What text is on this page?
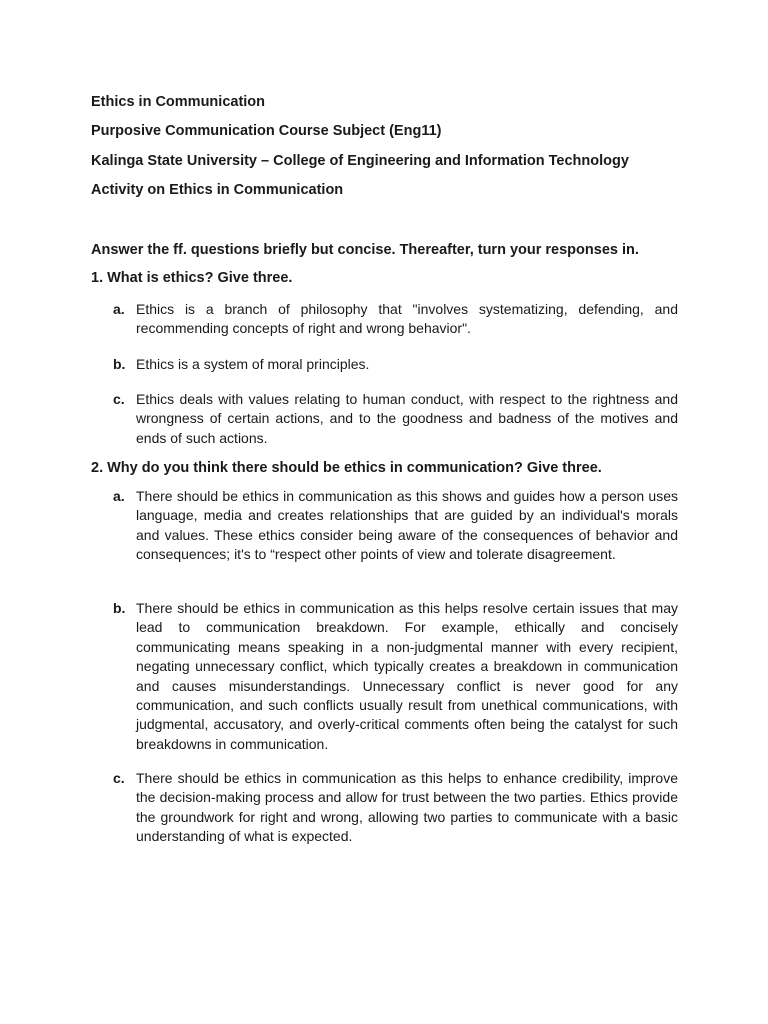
Ethics in Communication
Purposive Communication Course Subject (Eng11)
Kalinga State University – College of Engineering and Information Technology
Activity on Ethics in Communication
Answer the ff. questions briefly but concise. Thereafter, turn your responses in.
1. What is ethics? Give three.
a. Ethics is a branch of philosophy that "involves systematizing, defending, and recommending concepts of right and wrong behavior".
b. Ethics is a system of moral principles.
c. Ethics deals with values relating to human conduct, with respect to the rightness and wrongness of certain actions, and to the goodness and badness of the motives and ends of such actions.
2. Why do you think there should be ethics in communication? Give three.
a. There should be ethics in communication as this shows and guides how a person uses language, media and creates relationships that are guided by an individual's morals and values. These ethics consider being aware of the consequences of behavior and consequences; it's to “respect other points of view and tolerate disagreement.
b. There should be ethics in communication as this helps resolve certain issues that may lead to communication breakdown. For example, ethically and concisely communicating means speaking in a non-judgmental manner with every recipient, negating unnecessary conflict, which typically creates a breakdown in communication and causes misunderstandings. Unnecessary conflict is never good for any communication, and such conflicts usually result from unethical communications, with judgmental, accusatory, and overly-critical comments often being the catalyst for such breakdowns in communication.
c. There should be ethics in communication as this helps to enhance credibility, improve the decision-making process and allow for trust between the two parties. Ethics provide the groundwork for right and wrong, allowing two parties to communicate with a basic understanding of what is expected.
